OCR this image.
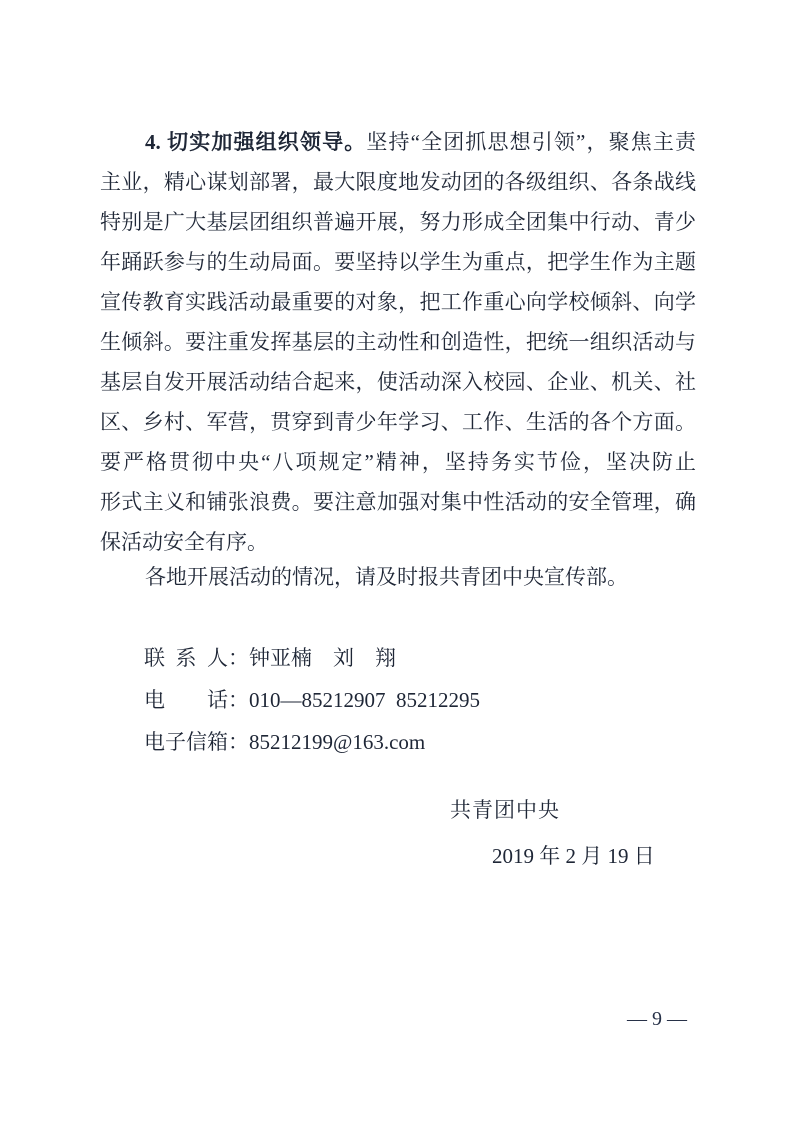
4. 切实加强组织领导。坚持“全团抓思想引领”，聚焦主责
主业，精心谋划部署，最大限度地发动团的各级组织、各条战线
特别是广大基层团组织普遍开展，努力形成全团集中行动、青少
年踊跃参与的生动局面。要坚持以学生为重点，把学生作为主题
宣传教育实践活动最重要的对象，把工作重心向学校倾斜、向学
生倾斜。要注重发挥基层的主动性和创造性，把统一组织活动与
基层自发开展活动结合起来，使活动深入校园、企业、机关、社
区、乡村、军营，贯穿到青少年学习、工作、生活的各个方面。
要严格贯彻中央“八项规定”精神，坚持务实节俭，坚决防止
形式主义和铺张浪费。要注意加强对集中性活动的安全管理，确
保活动安全有序。
各地开展活动的情况，请及时报共青团中央宣传部。
联系人：钟亚楠　刘　翔
电话：010—85212907  85212295
电子信箱：85212199@163.com
共青团中央
2019 年 2 月 19 日
— 9 —
